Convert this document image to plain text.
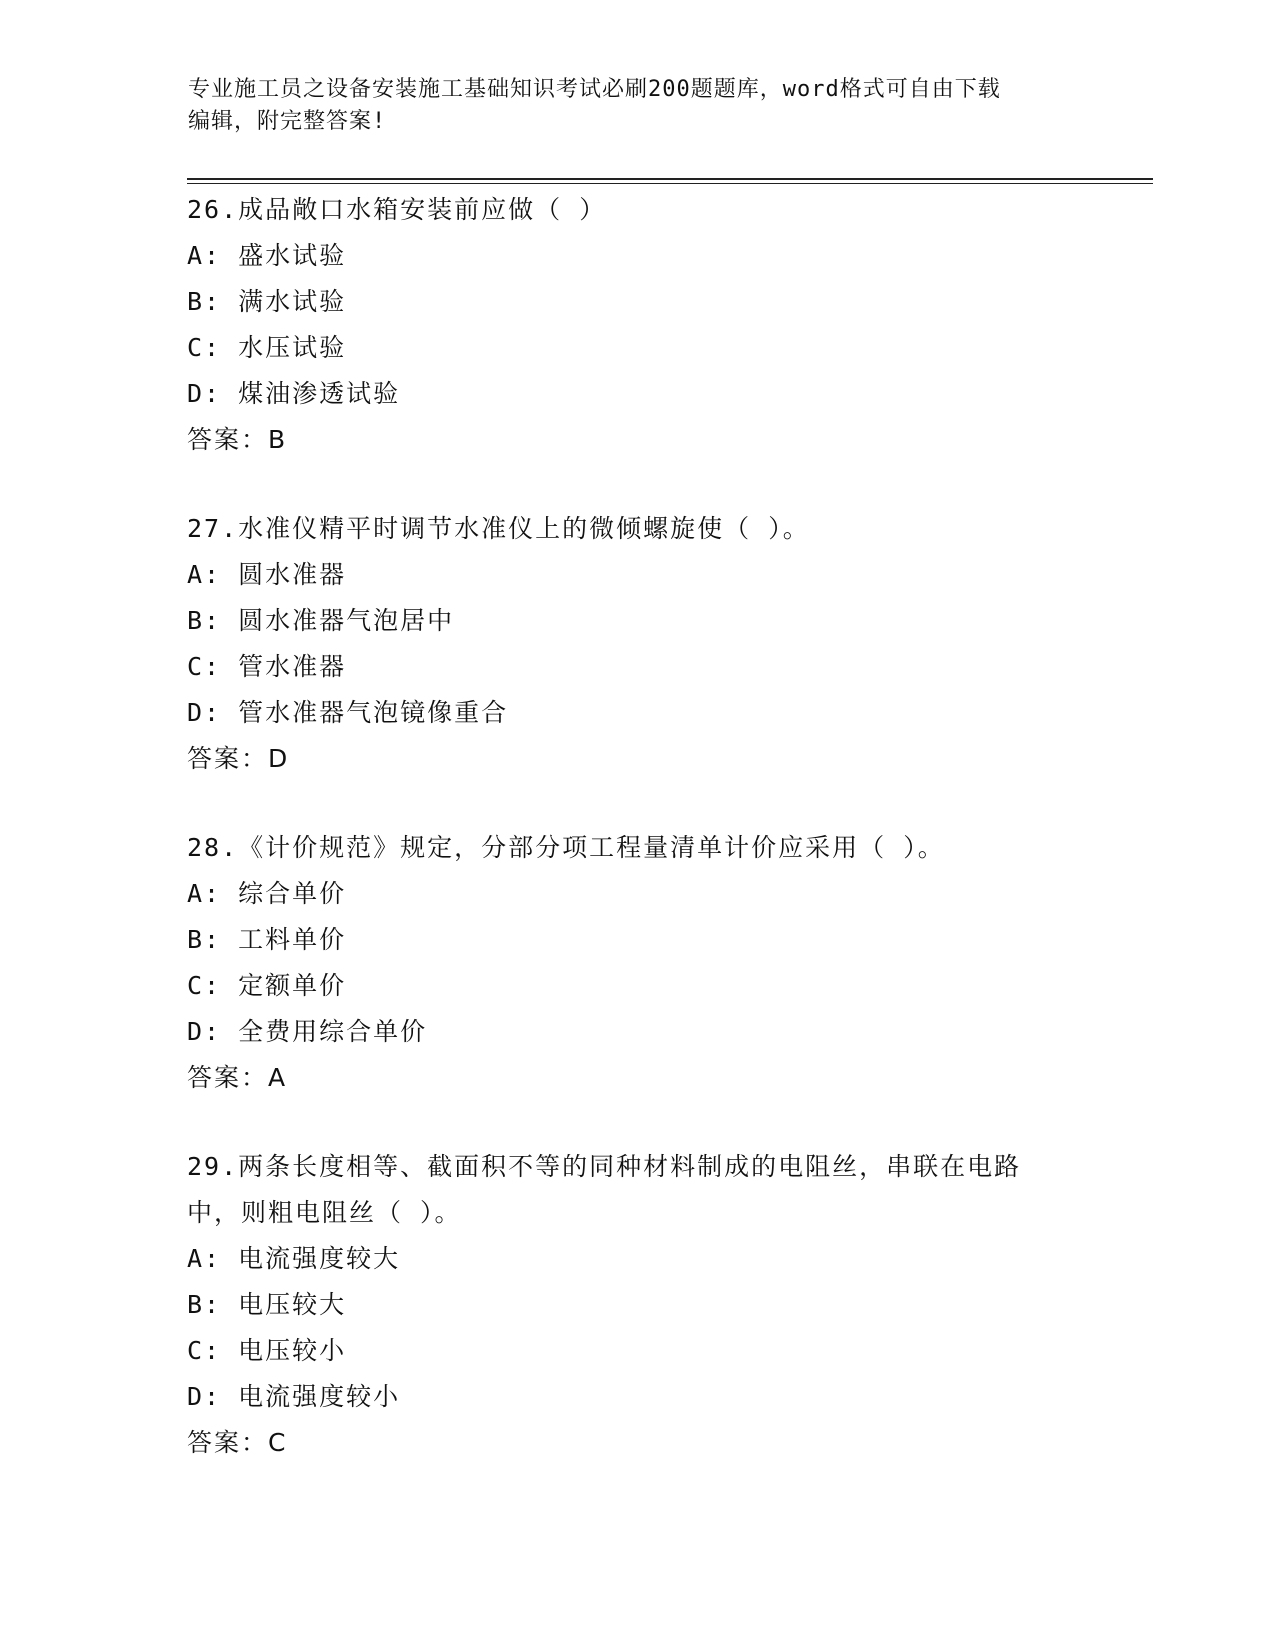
专业施工员之设备安装施工基础知识考试必刷200题题库，word格式可自由下载
编辑，附完整答案!
26.成品敞口水箱安装前应做（ ）
A: 盛水试验
B: 满水试验
C: 水压试验
D: 煤油渗透试验
答案：B
27.水准仪精平时调节水准仪上的微倾螺旋使（ ）。
A: 圆水准器
B: 圆水准器气泡居中
C: 管水准器
D: 管水准器气泡镜像重合
答案：D
28.《计价规范》规定，分部分项工程量清单计价应采用（ ）。
A: 综合单价
B: 工料单价
C: 定额单价
D: 全费用综合单价
答案：A
29.两条长度相等、截面积不等的同种材料制成的电阻丝，串联在电路
中，则粗电阻丝（ ）。
A: 电流强度较大
B: 电压较大
C: 电压较小
D: 电流强度较小
答案：C
